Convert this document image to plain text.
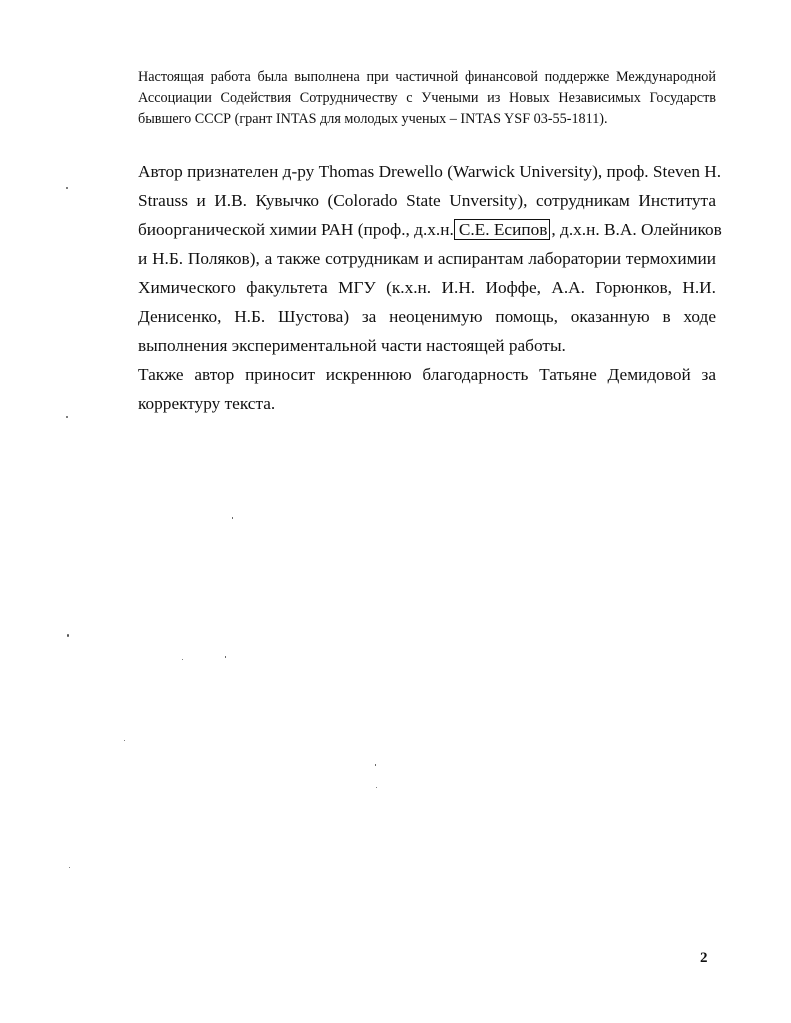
Настоящая работа была выполнена при частичной финансовой поддержке Международной
Ассоциации Содействия Сотрудничеству с Учеными из Новых Независимых Государств
бывшего СССР (грант INTAS для молодых ученых – INTAS YSF 03-55-1811).
Автор признателен д-ру Thomas Drewello (Warwick University), проф. Steven H.
Strauss и И.В. Кувычко (Colorado State Unversity), сотрудникам Института
биоорганической химии РАН (проф., д.х.н. С.Е. Есипов , д.х.н. В.А. Олейников
и Н.Б. Поляков), а также сотрудникам и аспирантам лаборатории термохимии
Химического факультета МГУ (к.х.н. И.Н. Иоффе, А.А. Горюнков, Н.И.
Денисенко, Н.Б. Шустова) за неоценимую помощь, оказанную в ходе
выполнения экспериментальной части настоящей работы.
Также автор приносит искреннюю благодарность Татьяне Демидовой за
корректуру текста.
2
